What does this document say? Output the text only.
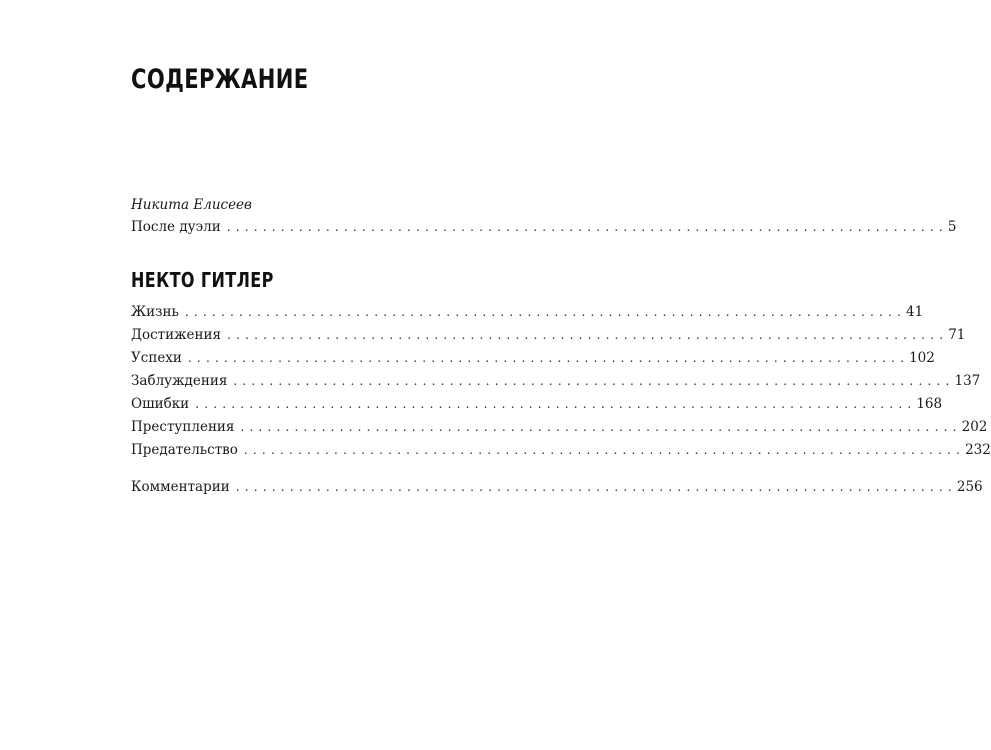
СОДЕРЖАНИЕ

Никита Елисеев

После дуэли ................................................................................ 5
НЕКТО ГИТЛЕР
Жизнь ................................................................................ 41
Достижения ................................................................................ 71
Успехи ................................................................................ 102
Заблуждения ................................................................................ 137
Ошибки ................................................................................ 168
Преступления ................................................................................ 202
Предательство ................................................................................ 232
Комментарии ................................................................................ 256
